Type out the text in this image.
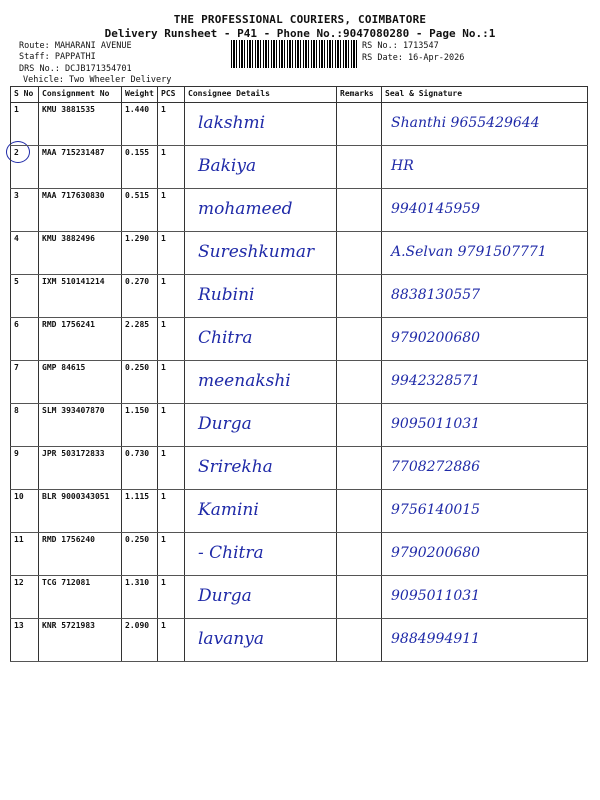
THE PROFESSIONAL COURIERS, COIMBATORE
Delivery Runsheet - P41 - Phone No.:9047080280 - Page No.:1
Route: MAHARANI AVENUE
Staff: PAPPATHI
DRS No.: DCJB171354701
Vehicle: Two Wheeler Delivery
RS No.: 1713547
RS Date: 16-Apr-2026
S No	Consignment No	Weight	PCS	Consignee Details	Remarks	Seal & Signature
1	KMU 3881535	1.440	1	lakshmi		Shanthi 9655429644
2	MAA 715231487	0.155	1	Bakiya		HR
3	MAA 717630830	0.515	1	mohameed		9940145959
4	KMU 3882496	1.290	1	Sureshkumar		A.Selvan 9791507771
5	IXM 510141214	0.270	1	Rubini		8838130557
6	RMD 1756241	2.285	1	Chitra		9790200680
7	GMP 84615	0.250	1	meenakshi		9942328571
8	SLM 393407870	1.150	1	Durga		9095011031
9	JPR 503172833	0.730	1	Srirekha		7708272886
10	BLR 9000343051	1.115	1	Kamini		9756140015
11	RMD 1756240	0.250	1	- Chitra		9790200680
12	TCG 712081	1.310	1	Durga		9095011031
13	KNR 5721983	2.090	1	lavanya		9884994911
